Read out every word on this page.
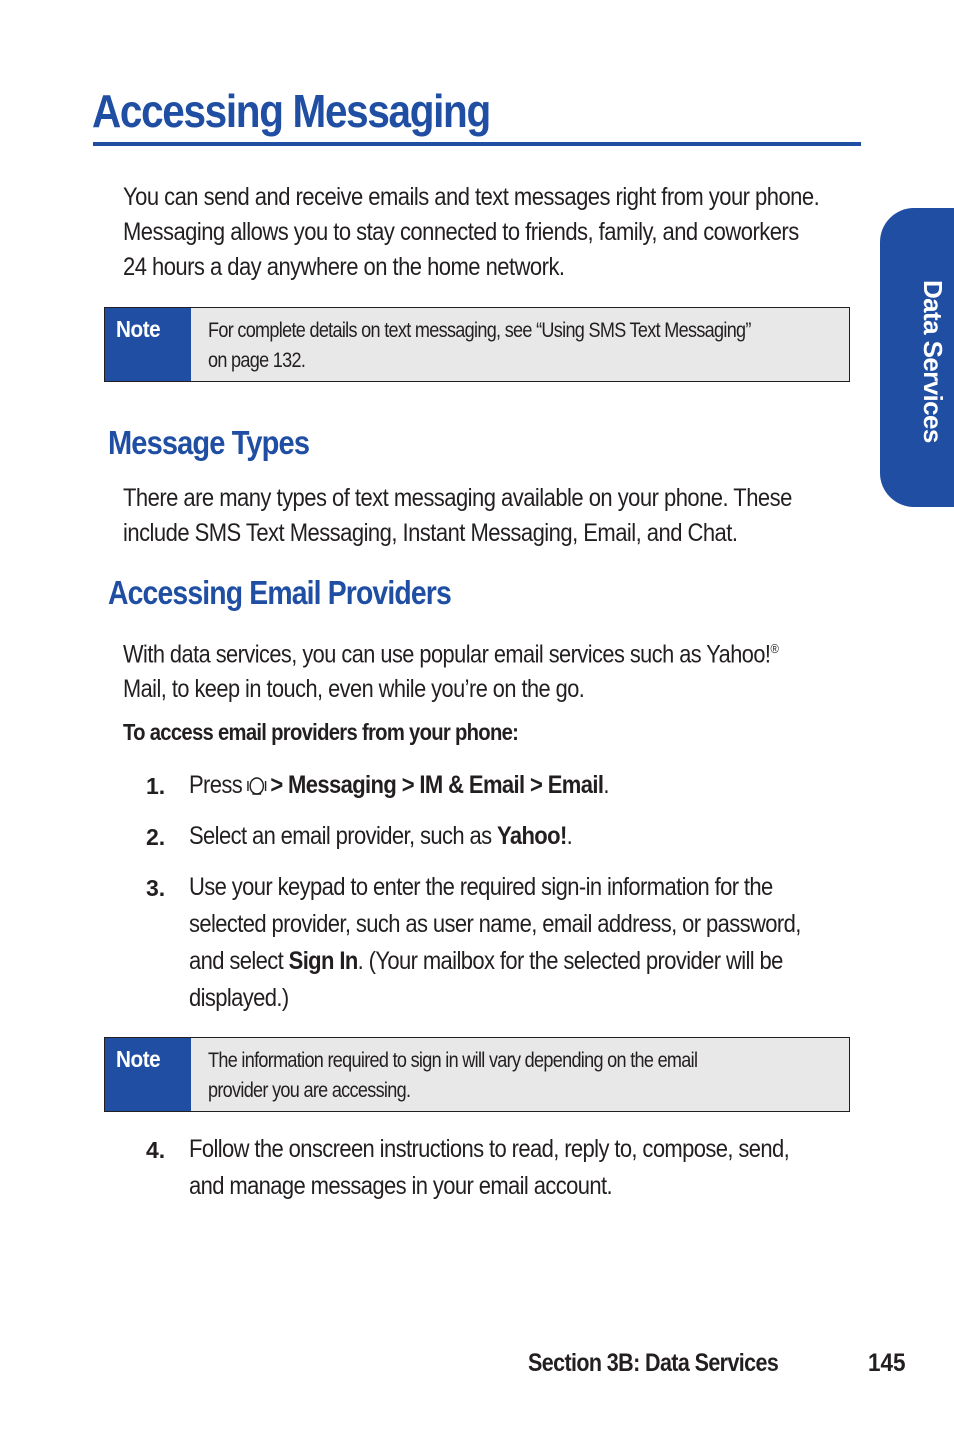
Accessing Messaging
You can send and receive emails and text messages right from your phone.
Messaging allows you to stay connected to friends, family, and coworkers
24 hours a day anywhere on the home network.
Note	For complete details on text messaging, see “Using SMS Text Messaging”
on page 132.
Message Types
There are many types of text messaging available on your phone. These
include SMS Text Messaging, Instant Messaging, Email, and Chat.
Accessing Email Providers
With data services, you can use popular email services such as Yahoo!®
Mail, to keep in touch, even while you’re on the go.
To access email providers from your phone:
1. Press > Messaging > IM & Email > Email.
2. Select an email provider, such as Yahoo!.
3. Use your keypad to enter the required sign-in information for the
selected provider, such as user name, email address, or password,
and select Sign In. (Your mailbox for the selected provider will be
displayed.)
Note	The information required to sign in will vary depending on the email
provider you are accessing.
4. Follow the onscreen instructions to read, reply to, compose, send,
and manage messages in your email account.
Data Services
Section 3B: Data Services	145
